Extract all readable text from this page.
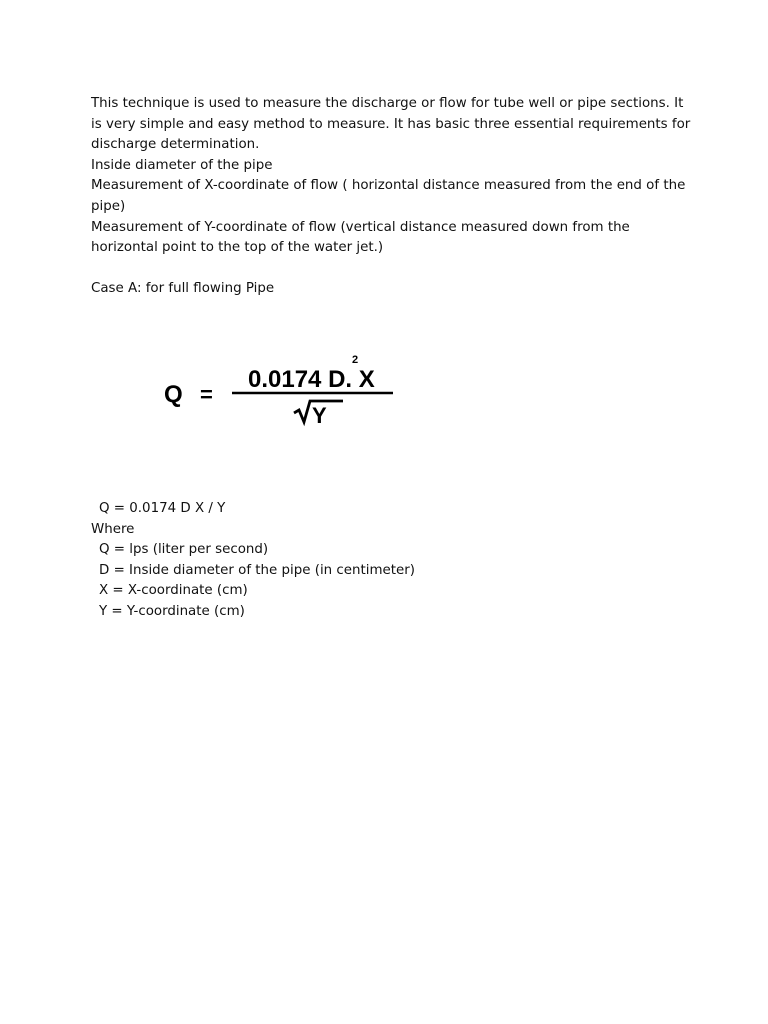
This technique is used to measure the discharge or flow for tube well or pipe sections. It is very simple and easy method to measure. It has basic three essential requirements for discharge determination.

Inside diameter of the pipe

Measurement of X-coordinate of flow ( horizontal distance measured from the end of the pipe)

Measurement of Y-coordinate of flow (vertical distance measured down from the horizontal point to the top of the water jet.)

Case A: for full flowing Pipe

Q =
0.0174 D. X
2
Y

Q = 0.0174 D X / Y

Where

Q = lps (liter per second)

D = Inside diameter of the pipe (in centimeter)

X = X-coordinate (cm)

Y = Y-coordinate (cm)
